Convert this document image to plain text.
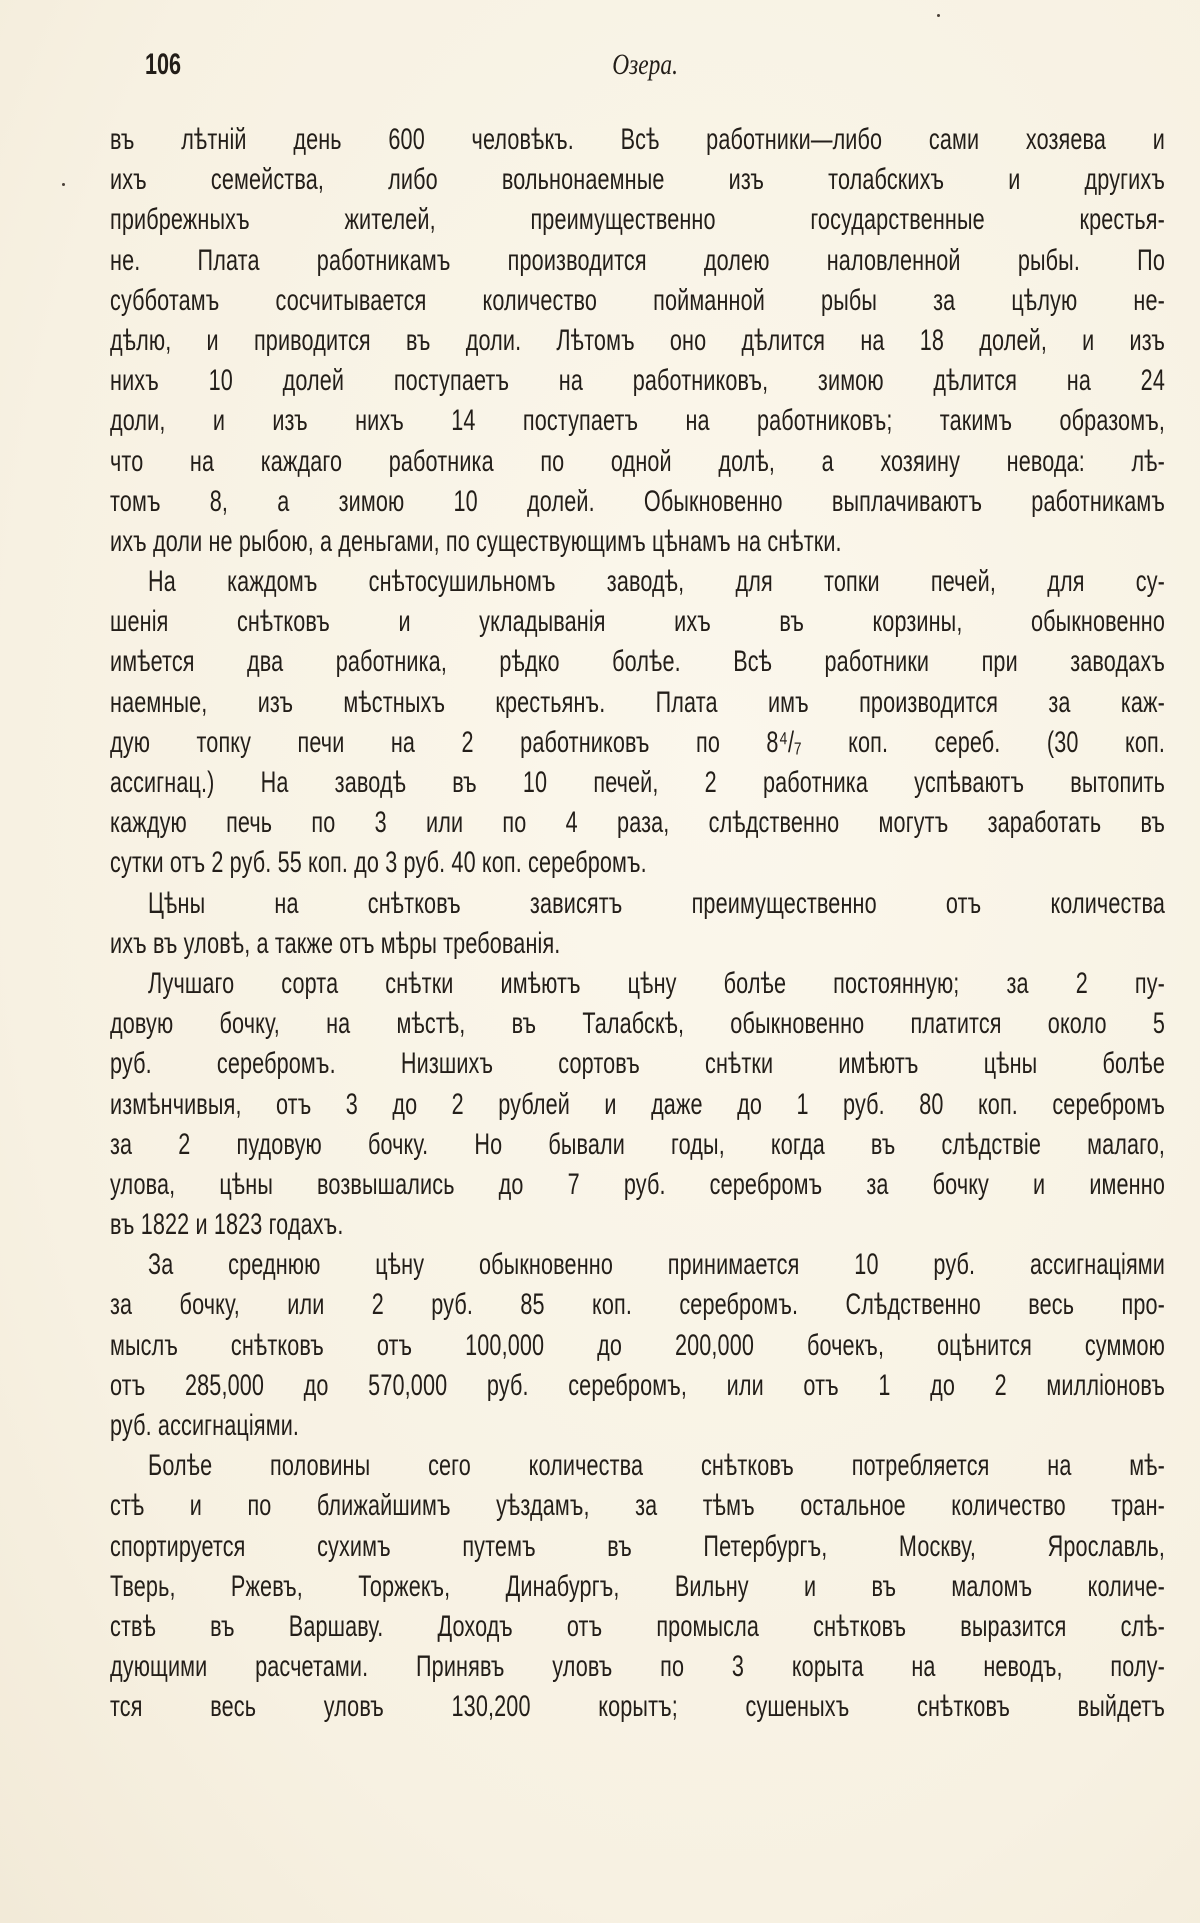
106	Озера.
въ лѣтній день 600 человѣкъ. Всѣ работники—либо сами хозяева и
ихъ семейства, либо вольнонаемные изъ толабскихъ и другихъ
прибрежныхъ жителей, преимущественно государственные крестья-
не. Плата работникамъ производится долею наловленной рыбы. По
субботамъ сосчитывается количество пойманной рыбы за цѣлую не-
дѣлю, и приводится въ доли. Лѣтомъ оно дѣлится на 18 долей, и изъ
нихъ 10 долей поступаетъ на работниковъ, зимою дѣлится на 24
доли, и изъ нихъ 14 поступаетъ на работниковъ; такимъ образомъ,
что на каждаго работника по одной долѣ, а хозяину невода: лѣ-
томъ 8, а зимою 10 долей. Обыкновенно выплачиваютъ работникамъ
ихъ доли не рыбою, а деньгами, по существующимъ цѣнамъ на снѣтки.
На каждомъ снѣтосушильномъ заводѣ, для топки печей, для су-
шенія снѣтковъ и укладыванія ихъ въ корзины, обыкновенно
имѣется два работника, рѣдко болѣе. Всѣ работники при заводахъ
наемные, изъ мѣстныхъ крестьянъ. Плата имъ производится за каж-
дую топку печи на 2 работниковъ по 8⁴/₇ коп. сереб. (30 коп.
ассигнац.) На заводѣ въ 10 печей, 2 работника успѣваютъ вытопить
каждую печь по 3 или по 4 раза, слѣдственно могутъ заработать въ
сутки отъ 2 руб. 55 коп. до 3 руб. 40 коп. серебромъ.
Цѣны на снѣтковъ зависятъ преимущественно отъ количества
ихъ въ уловѣ, а также отъ мѣры требованія.
Лучшаго сорта снѣтки имѣютъ цѣну болѣе постоянную; за 2 пу-
довую бочку, на мѣстѣ, въ Талабскѣ, обыкновенно платится около 5
руб. серебромъ. Низшихъ сортовъ снѣтки имѣютъ цѣны болѣе
измѣнчивыя, отъ 3 до 2 рублей и даже до 1 руб. 80 коп. серебромъ
за 2 пудовую бочку. Но бывали годы, когда въ слѣдствіе малаго,
улова, цѣны возвышались до 7 руб. серебромъ за бочку и именно
въ 1822 и 1823 годахъ.
За среднюю цѣну обыкновенно принимается 10 руб. ассигнаціями
за бочку, или 2 руб. 85 коп. серебромъ. Слѣдственно весь про-
мыслъ снѣтковъ отъ 100,000 до 200,000 бочекъ, оцѣнится суммою
отъ 285,000 до 570,000 руб. серебромъ, или отъ 1 до 2 милліоновъ
руб. ассигнаціями.
Болѣе половины сего количества снѣтковъ потребляется на мѣ-
стѣ и по ближайшимъ уѣздамъ, за тѣмъ остальное количество тран-
спортируется сухимъ путемъ въ Петербургъ, Москву, Ярославль,
Тверь, Ржевъ, Торжекъ, Динабургъ, Вильну и въ маломъ количе-
ствѣ въ Варшаву. Доходъ отъ промысла снѣтковъ выразится слѣ-
дующими расчетами. Принявъ уловъ по 3 корыта на неводъ, полу-
тся весь уловъ 130,200 корытъ; сушеныхъ снѣтковъ выйдетъ
